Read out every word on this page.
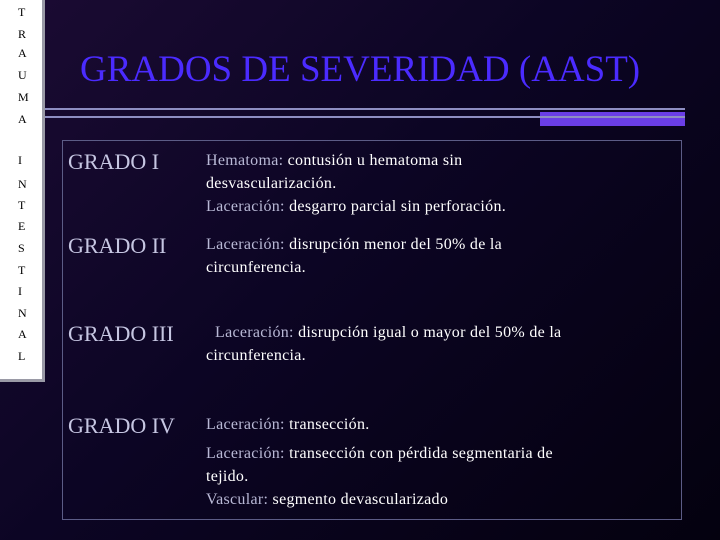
T
R
A
U
M
A
I
N
T
E
S
T
I
N
A
L
GRADOS DE SEVERIDAD (AAST)
GRADO I	Hematoma: contusión u hematoma sin
desvascularización.
Laceración: desgarro parcial sin perforación.
GRADO II Laceración: disrupción menor del 50% de la
circunferencia.
GRADO III	Laceración: disrupción igual o mayor del 50% de la
circunferencia.
GRADO IV Laceración: transección.
Laceración: transección con pérdida segmentaria de
tejido.
Vascular: segmento devascularizado
